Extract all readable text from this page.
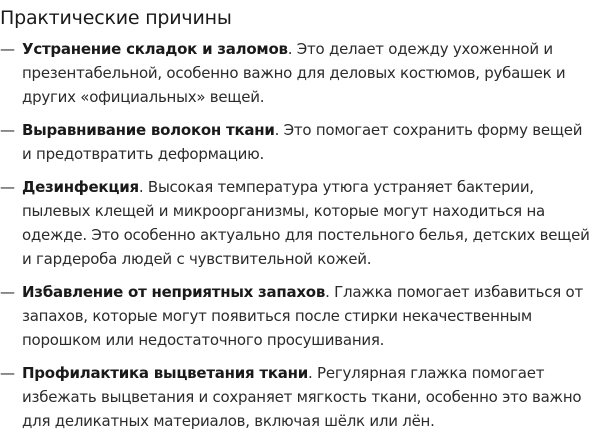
Практические причины
— Устранение складок и заломов. Это делает одежду ухоженной и презентабельной, особенно важно для деловых костюмов, рубашек и других «официальных» вещей.
— Выравнивание волокон ткани. Это помогает сохранить форму вещей и предотвратить деформацию.
— Дезинфекция. Высокая температура утюга устраняет бактерии, пылевых клещей и микроорганизмы, которые могут находиться на одежде. Это особенно актуально для постельного белья, детских вещей и гардероба людей с чувствительной кожей.
— Избавление от неприятных запахов. Глажка помогает избавиться от запахов, которые могут появиться после стирки некачественным порошком или недостаточного просушивания.
— Профилактика выцветания ткани. Регулярная глажка помогает избежать выцветания и сохраняет мягкость ткани, особенно это важно для деликатных материалов, включая шёлк или лён.
